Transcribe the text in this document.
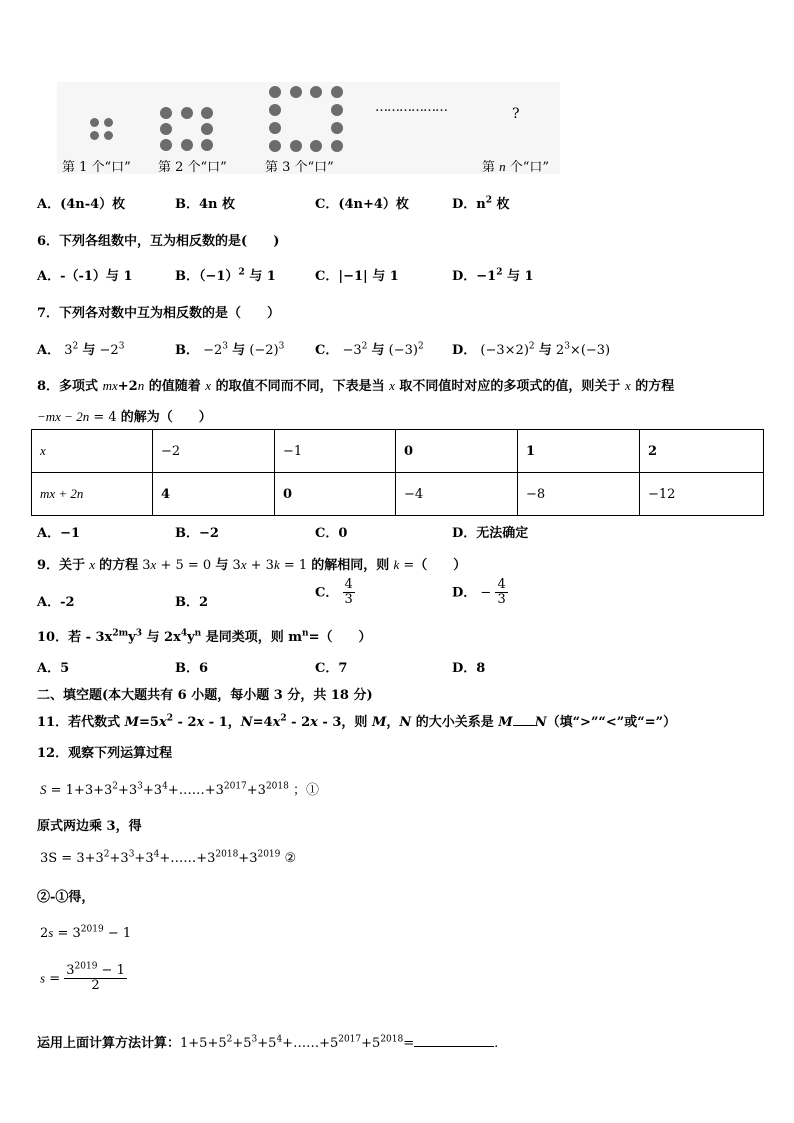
………………	?
第 1 个“口” 第 2 个“口”	第 3 个“口”	第 n 个“口”
A．(4n-4）枚	B．4n 枚	C．(4n+4）枚	D．$n^2$ 枚
6．下列各组数中，互为相反数的是(　　)
A．-（-1）与 1	B．$(-1)^2$ 与 1	C．|−1| 与 1	D．$-1^2$ 与 1
7．下列各对数中互为相反数的是（　　）
A． $3^2$ 与 $-2^3$	B． $-2^3$ 与 $(-2)^3$ C． $-3^2$ 与 $(-3)^2$ D． $(-3\times 2)^2$ 与 $2^3\times(-3)$
8．多项式 mx+2n 的值随着 x 的取值不同而不同，下表是当 x 取不同值时对应的多项式的值，则关于 x 的方程
−mx − 2n = 4 的解为（　　）
x	−2	−1	0	1	2
mx + 2n	4	0	−4	−8	−12
A．−1	B．−2	C．0	D．无法确定
9．关于 x 的方程 3x + 5 = 0 与 3x + 3k = 1 的解相同，则 k =（　　）
A．-2	B．2
C． $\frac{4}{3}$	D． − $\frac{4}{3}$
10．若 - $3x^{2m}y^3$ 与 $2x^4y^n$ 是同类项，则 $m^n=$（　　）
A．5	B．6	C．7	D．8
二、填空题(本大题共有 6 小题，每小题 3 分，共 18 分)
11．若代数式 $M=5x^2 - 2x - 1$，$N=4x^2 - 2x - 3$，则 M，N 的大小关系是 M N（填“>”“<”或“=”）
12．观察下列运算过程
$S = 1+3+3^2+3^3+3^4+\dots\dots+3^{2017}+3^{2018}$ ；①
原式两边乘 3，得
$3S = 3+3^2+3^3+3^4+\dots\dots+3^{2018}+3^{2019}$ ②
②-①得，
$2s = 3^{2019} - 1$
$s = \frac{3^{2019} - 1}{2}$
运用上面计算方法计算：$1+5+5^2+5^3+5^4+\dots\dots+5^{2017}+5^{2018}=$	.
